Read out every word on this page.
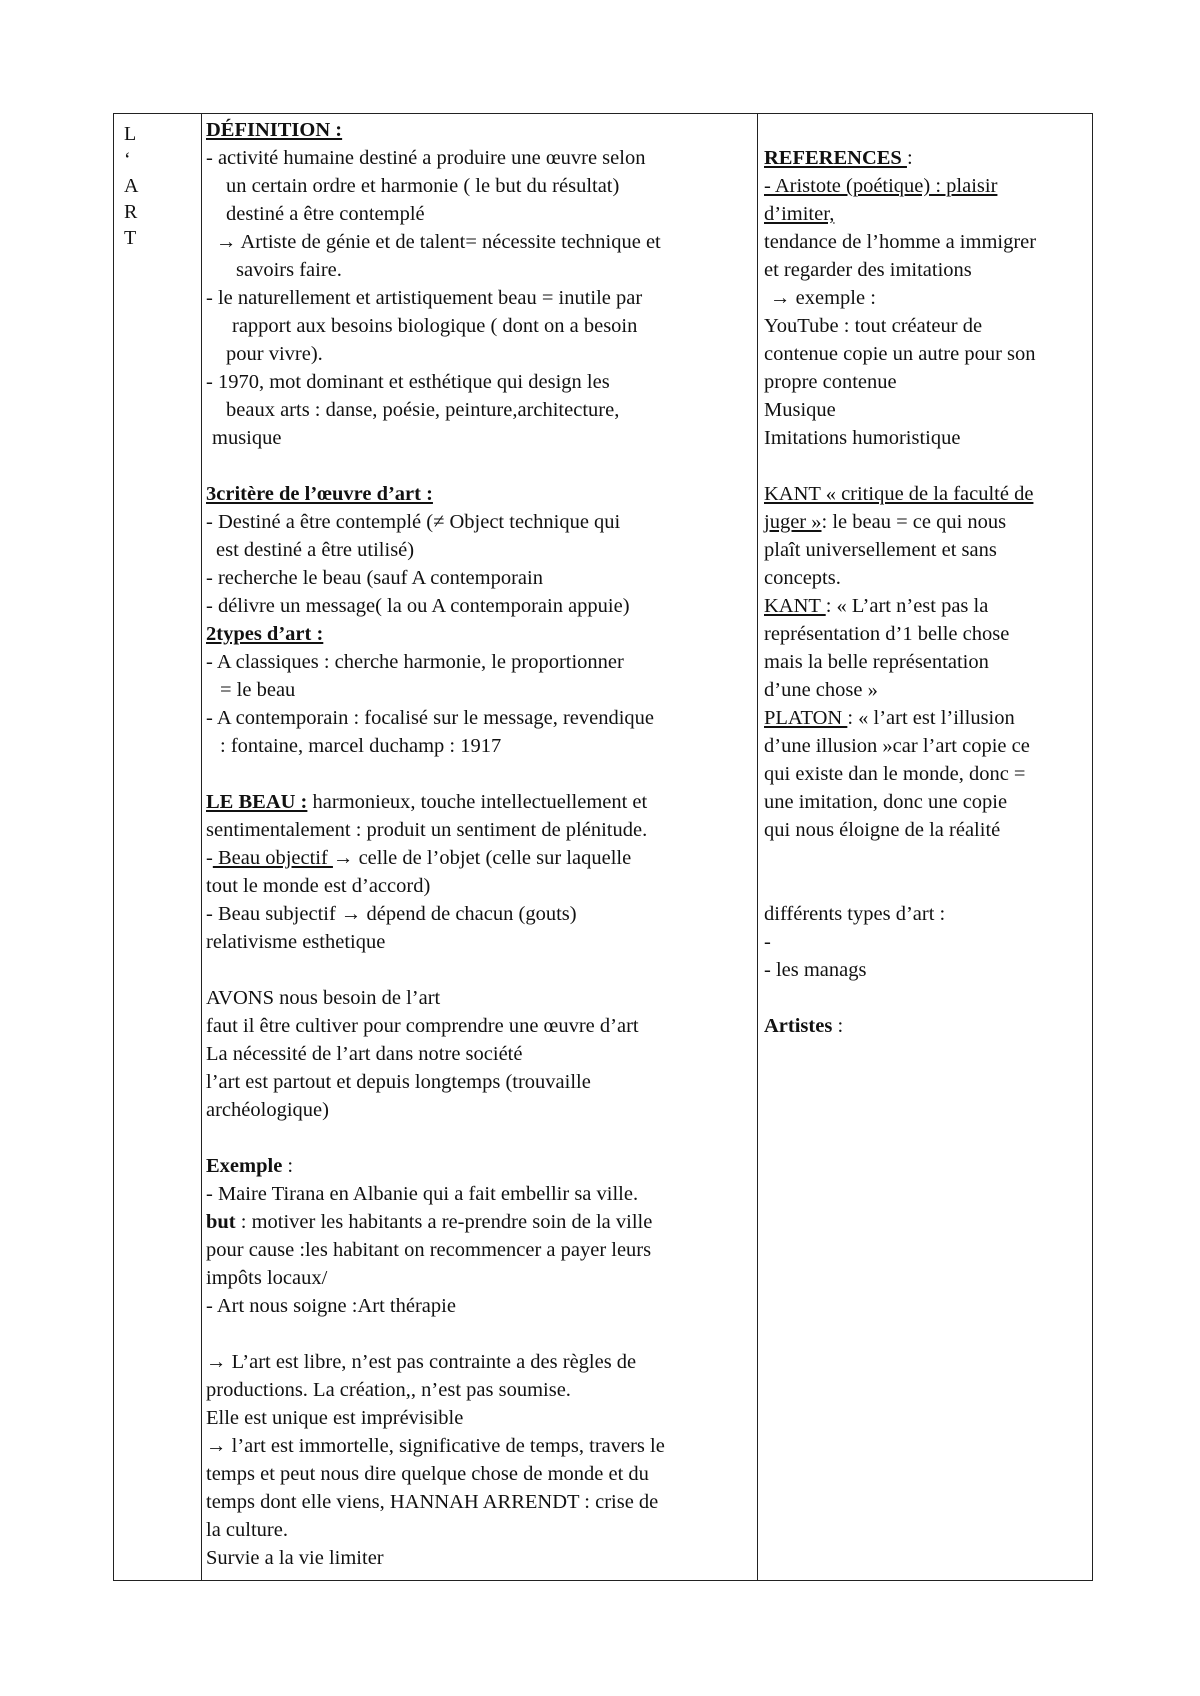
L
‘
A
R
T
DÉFINITION :
- activité humaine destiné a produire une œuvre selon
un certain ordre et harmonie ( le but du résultat)
destiné a être contemplé
→ Artiste de génie et de talent= nécessite technique et
savoirs faire.
- le naturellement et artistiquement beau = inutile par
rapport aux besoins biologique ( dont on a besoin
pour vivre).
- 1970, mot dominant et esthétique qui design les
beaux arts : danse, poésie, peinture,architecture,
musique
3critère de l’œuvre d’art :
- Destiné a être contemplé (≠ Object technique qui
est destiné a être utilisé)
- recherche le beau (sauf A contemporain
- délivre un message( la ou A contemporain appuie)
2types d’art :
- A classiques : cherche harmonie, le proportionner
= le beau
- A contemporain : focalisé sur le message, revendique
: fontaine, marcel duchamp : 1917
LE BEAU : harmonieux, touche intellectuellement et
sentimentalement : produit un sentiment de plénitude.
- Beau objectif → celle de l’objet (celle sur laquelle
tout le monde est d’accord)
- Beau subjectif → dépend de chacun (gouts)
relativisme esthetique
AVONS nous besoin de l’art
faut il être cultiver pour comprendre une œuvre d’art
La nécessité de l’art dans notre société
l’art est partout et depuis longtemps (trouvaille
archéologique)
Exemple :
- Maire Tirana en Albanie qui a fait embellir sa ville.
but : motiver les habitants a re-prendre soin de la ville
pour cause :les habitant on recommencer a payer leurs
impôts locaux/
- Art nous soigne :Art thérapie
→ L’art est libre, n’est pas contrainte a des règles de
productions. La création,, n’est pas soumise.
Elle est unique est imprévisible
→ l’art est immortelle, significative de temps, travers le
temps et peut nous dire quelque chose de monde et du
temps dont elle viens, HANNAH ARRENDT : crise de
la culture.
Survie a la vie limiter
REFERENCES :
- Aristote (poétique) : plaisir
d’imiter,
tendance de l’homme a immigrer
et regarder des imitations
→ exemple :
YouTube : tout créateur de
contenue copie un autre pour son
propre contenue
Musique
Imitations humoristique
KANT « critique de la faculté de
juger »: le beau = ce qui nous
plaît universellement et sans
concepts.
KANT : « L’art n’est pas la
représentation d’1 belle chose
mais la belle représentation
d’une chose »
PLATON : « l’art est l’illusion
d’une illusion »car l’art copie ce
qui existe dan le monde, donc =
une imitation, donc une copie
qui nous éloigne de la réalité
différents types d’art :
-
- les manags
Artistes :
